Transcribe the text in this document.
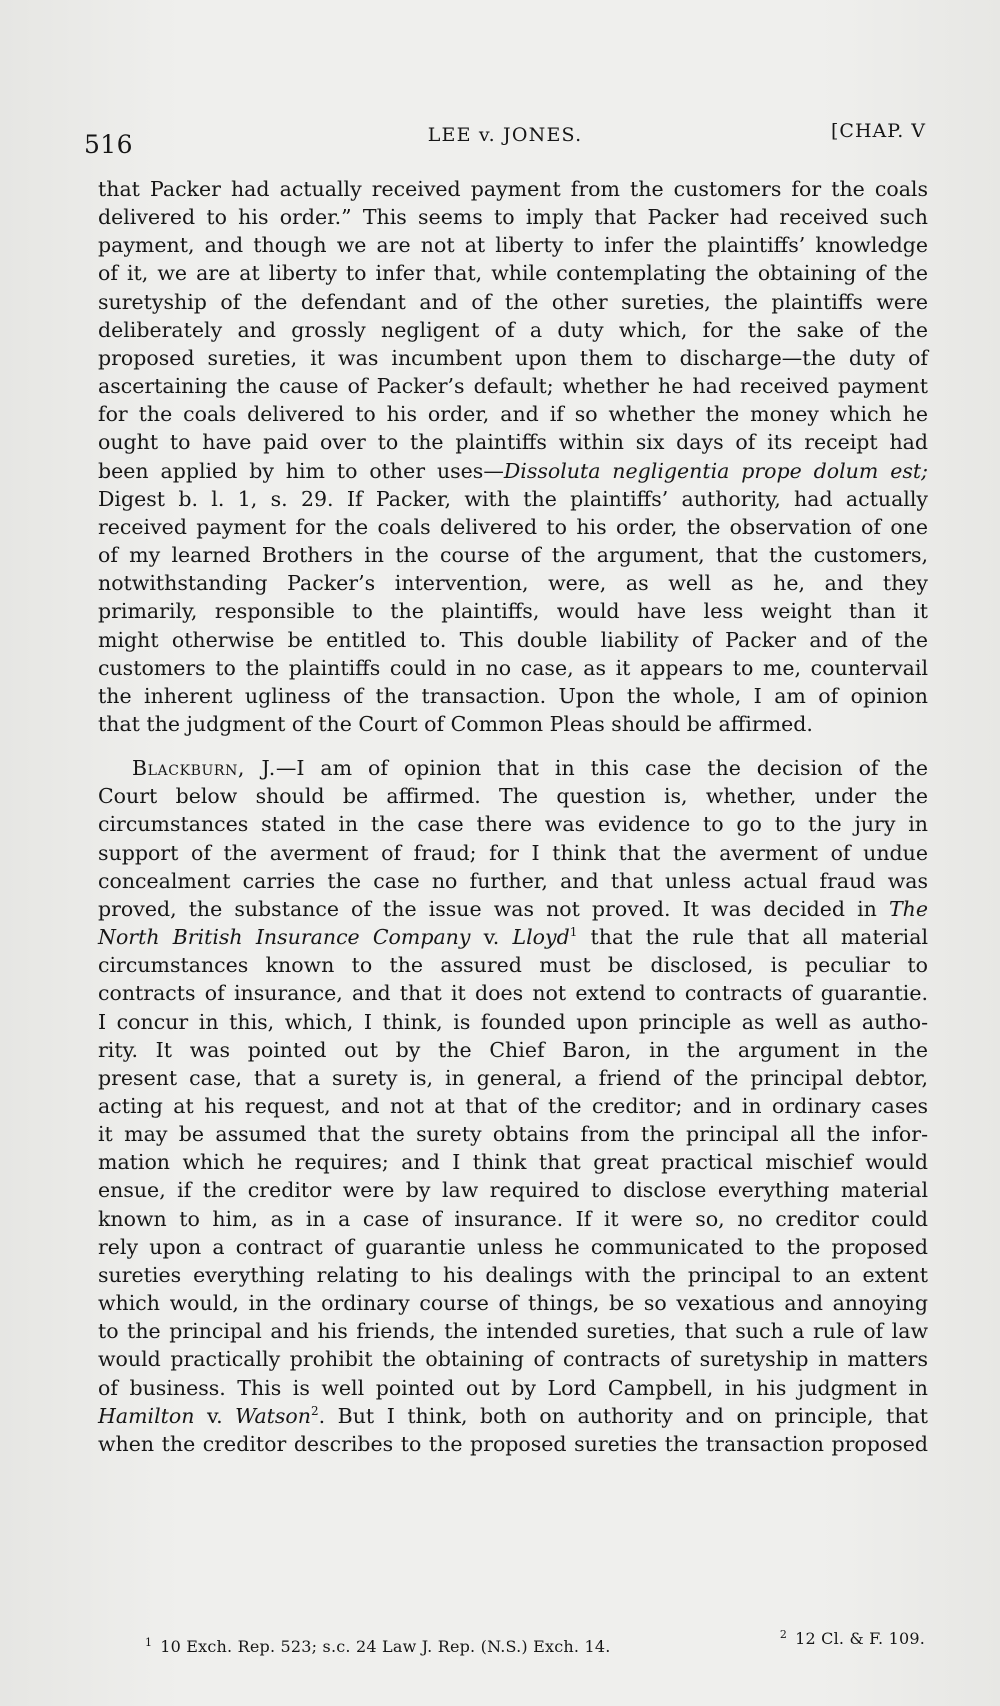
516	LEE v. JONES.	[CHAP. V

that Packer had actually received payment from the customers for the coals
delivered to his order.” This seems to imply that Packer had received such
payment, and though we are not at liberty to infer the plaintiffs’ knowledge
of it, we are at liberty to infer that, while contemplating the obtaining of the
suretyship of the defendant and of the other sureties, the plaintiffs were
deliberately and grossly negligent of a duty which, for the sake of the
proposed sureties, it was incumbent upon them to discharge—the duty of
ascertaining the cause of Packer’s default; whether he had received payment
for the coals delivered to his order, and if so whether the money which he
ought to have paid over to the plaintiffs within six days of its receipt had
been applied by him to other uses—Dissoluta negligentia prope dolum est;
Digest b. l. 1, s. 29. If Packer, with the plaintiffs’ authority, had actually
received payment for the coals delivered to his order, the observation of one
of my learned Brothers in the course of the argument, that the customers,
notwithstanding Packer’s intervention, were, as well as he, and they
primarily, responsible to the plaintiffs, would have less weight than it
might otherwise be entitled to. This double liability of Packer and of the
customers to the plaintiffs could in no case, as it appears to me, countervail
the inherent ugliness of the transaction. Upon the whole, I am of opinion
that the judgment of the Court of Common Pleas should be affirmed.

Blackburn, J.—I am of opinion that in this case the decision of the
Court below should be affirmed. The question is, whether, under the
circumstances stated in the case there was evidence to go to the jury in
support of the averment of fraud; for I think that the averment of undue
concealment carries the case no further, and that unless actual fraud was
proved, the substance of the issue was not proved. It was decided in The
North British Insurance Company v. Lloyd$^1$ that the rule that all material
circumstances known to the assured must be disclosed, is peculiar to
contracts of insurance, and that it does not extend to contracts of guarantie.
I concur in this, which, I think, is founded upon principle as well as autho-
rity. It was pointed out by the Chief Baron, in the argument in the
present case, that a surety is, in general, a friend of the principal debtor,
acting at his request, and not at that of the creditor; and in ordinary cases
it may be assumed that the surety obtains from the principal all the infor-
mation which he requires; and I think that great practical mischief would
ensue, if the creditor were by law required to disclose everything material
known to him, as in a case of insurance. If it were so, no creditor could
rely upon a contract of guarantie unless he communicated to the proposed
sureties everything relating to his dealings with the principal to an extent
which would, in the ordinary course of things, be so vexatious and annoying
to the principal and his friends, the intended sureties, that such a rule of law
would practically prohibit the obtaining of contracts of suretyship in matters
of business. This is well pointed out by Lord Campbell, in his judgment in
Hamilton v. Watson$^2$. But I think, both on authority and on principle, that
when the creditor describes to the proposed sureties the transaction proposed

$^1$ 10 Exch. Rep. 523; s.c. 24 Law J. Rep. (N.S.) Exch. 14.
$^2$ 12 Cl. & F. 109.
